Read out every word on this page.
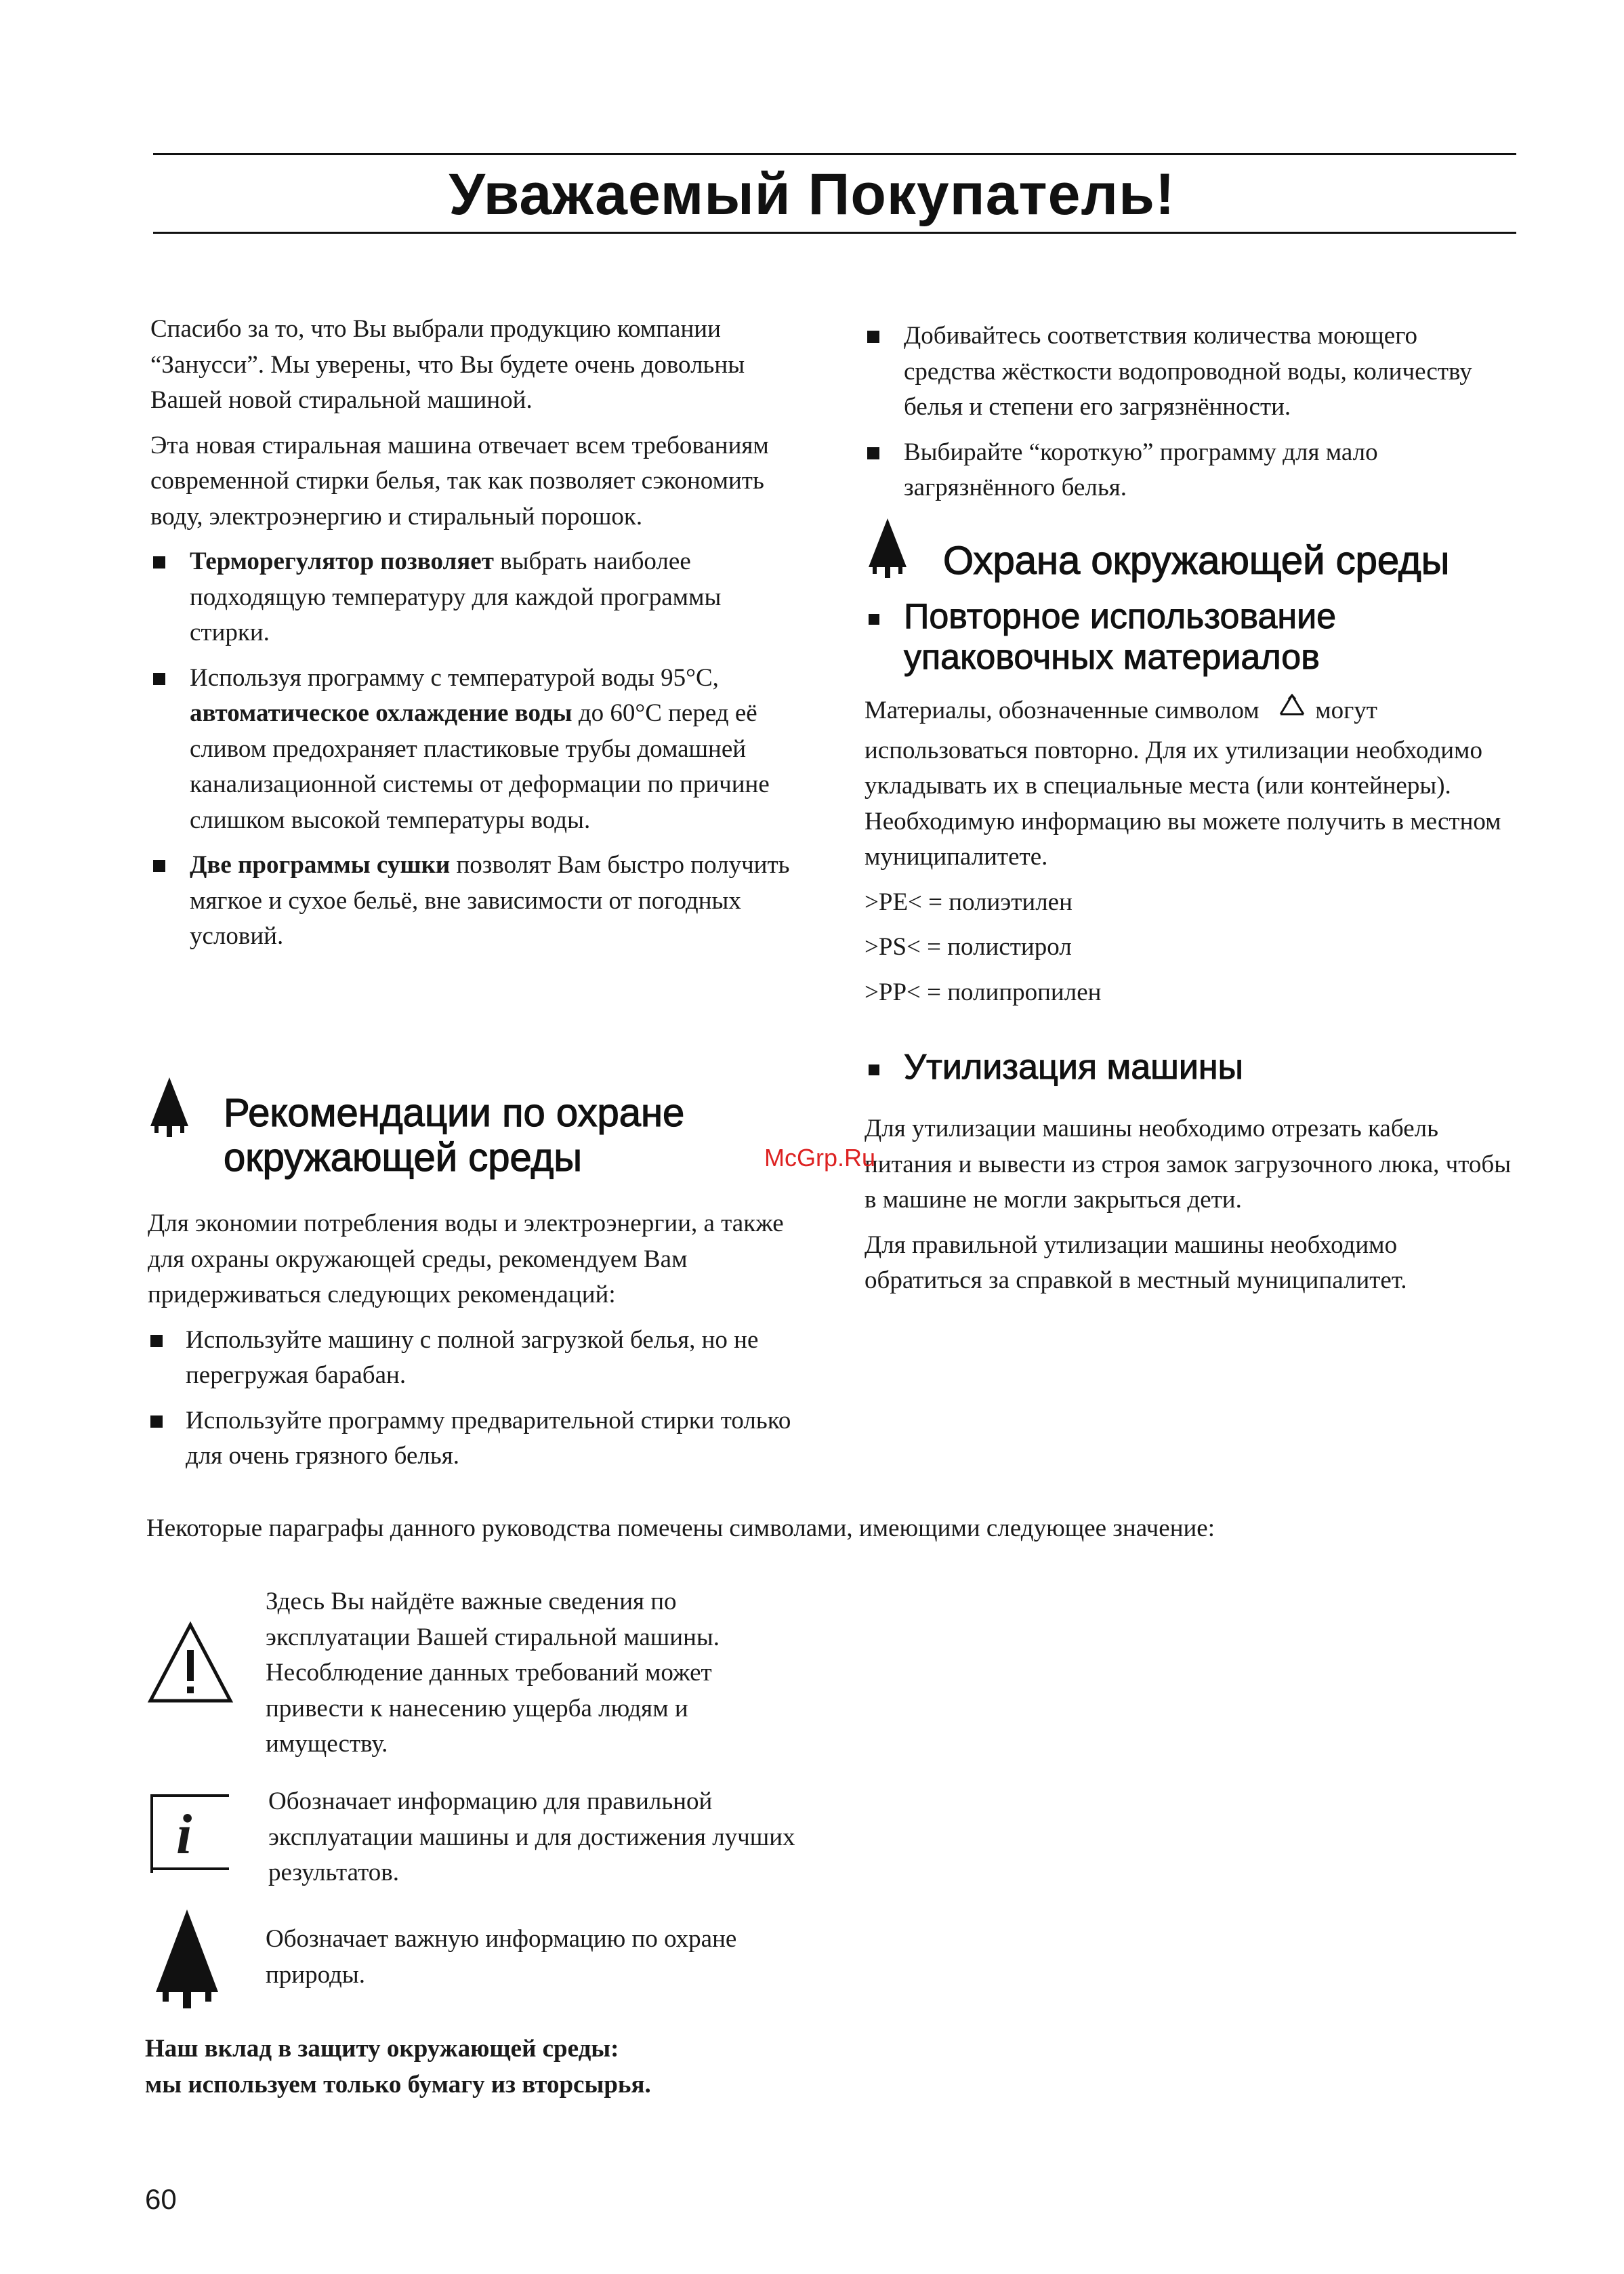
Уважаемый Покупатель!

Спасибо за то, что Вы выбрали продукцию компании “Занусси”. Мы уверены, что Вы будете очень довольны Вашей новой стиральной машиной.

Эта новая стиральная машина отвечает всем требованиям современной стирки белья, так как позволяет сэкономить воду, электроэнергию и стиральный порошок.

Терморегулятор позволяет выбрать наиболее подходящую температуру для каждой программы стирки.
Используя программу с температурой воды 95°С, автоматическое охлаждение воды до 60°С перед её сливом предохраняет пластиковые трубы домашней канализационной системы от деформации по причине слишком высокой температуры воды.
Две программы сушки позволят Вам быстро получить мягкое и сухое бельё, вне зависимости от погодных условий.
Рекомендации по охране окружающей среды

Для экономии потребления воды и электроэнергии, а также для охраны окружающей среды, рекомендуем Вам придерживаться следующих рекомендаций:

Используйте машину с полной загрузкой белья, но не перегружая барабан.
Используйте программу предварительной стирки только для очень грязного белья.
Добивайтесь соответствия количества моющего средства жёсткости водопроводной воды, количеству белья и степени его загрязнённости.
Выбирайте “короткую” программу для мало загрязнённого белья.
Охрана окружающей среды
Повторное использование упаковочных материалов

Материалы, обозначенные символом  могут использоваться повторно. Для их утилизации необходимо укладывать их в специальные места (или контейнеры). Необходимую информацию вы можете получить в местном муниципалитете.

>PE< = полиэтилен

>PS< = полистирол

>PP< = полипропилен

Утилизация машины

Для утилизации машины необходимо отрезать кабель питания и вывести из строя замок загрузочного люка, чтобы в машине не могли закрыться дети.

Для правильной утилизации машины необходимо обратиться за справкой в местный муниципалитет.

McGrp.Ru
Некоторые параграфы данного руководства помечены символами, имеющими следующее значение:
Здесь Вы найдёте важные сведения по эксплуатации Вашей стиральной машины. Несоблюдение данных требований может привести к нанесению ущерба людям и имуществу.
i
Обозначает информацию для правильной эксплуатации машины и для достижения лучших результатов.
Обозначает важную информацию по охране природы.
Наш вклад в защиту окружающей среды:
мы используем только бумагу из вторсырья.
60
